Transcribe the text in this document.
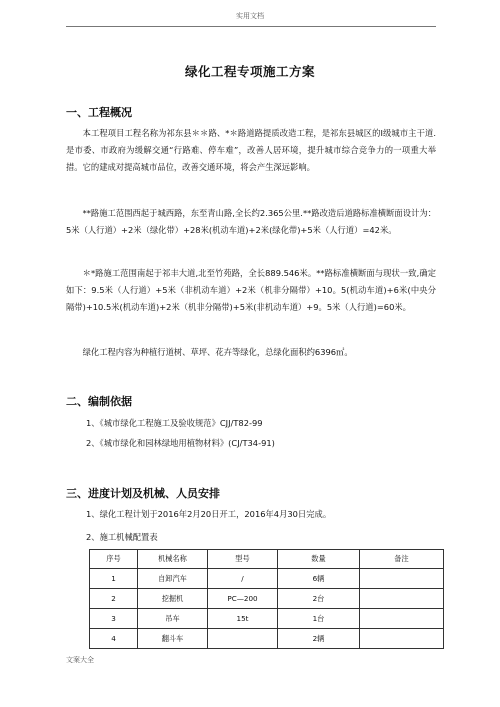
实用文档
绿化工程专项施工方案
一、工程概况

本工程项目工程名称为祁东县＊＊路、*＊路道路提质改造工程，是祁东县城区的Ⅰ级城市主干道.是市委、市政府为缓解交通“行路难、停车难”，改善人居环境，提升城市综合竞争力的一项重大举措。它的建成对提高城市品位，改善交通环境，将会产生深远影响。

**路施工范围西起于城西路，东至青山路,全长约2.365公里.**路改造后道路标准横断面设计为：5米（人行道）+2米（绿化带）+28米(机动车道)+2米(绿化带)+5米（人行道）=42米。

＊*路施工范围南起于祁丰大道,北至竹苑路，全长889.546米。**路标准横断面与现状一致,确定如下：9.5米（人行道）+5米（非机动车道）+2米（机非分隔带）+10。5(机动车道)+6米(中央分隔带)+10.5米(机动车道)+2米（机非分隔带)+5米(非机动车道）+9。5米（人行道)=60米。

绿化工程内容为种植行道树、草坪、花卉等绿化，总绿化面积约6396㎡。

二、编制依据
1、《城市绿化工程施工及验收规范》CJJ/T82-99
2、《城市绿化和园林绿地用植物材料》(CJ/T34-91)
三、进度计划及机械、人员安排
1、绿化工程计划于2016年2月20日开工，2016年4月30日完成。
2、施工机械配置表
序号	机械名称	型号	数量	备注
1	自卸汽车	/	6辆	
2	挖掘机	PC—200	2台	
3	吊车	15t	1台	
4	翻斗车		2辆	
文案大全
